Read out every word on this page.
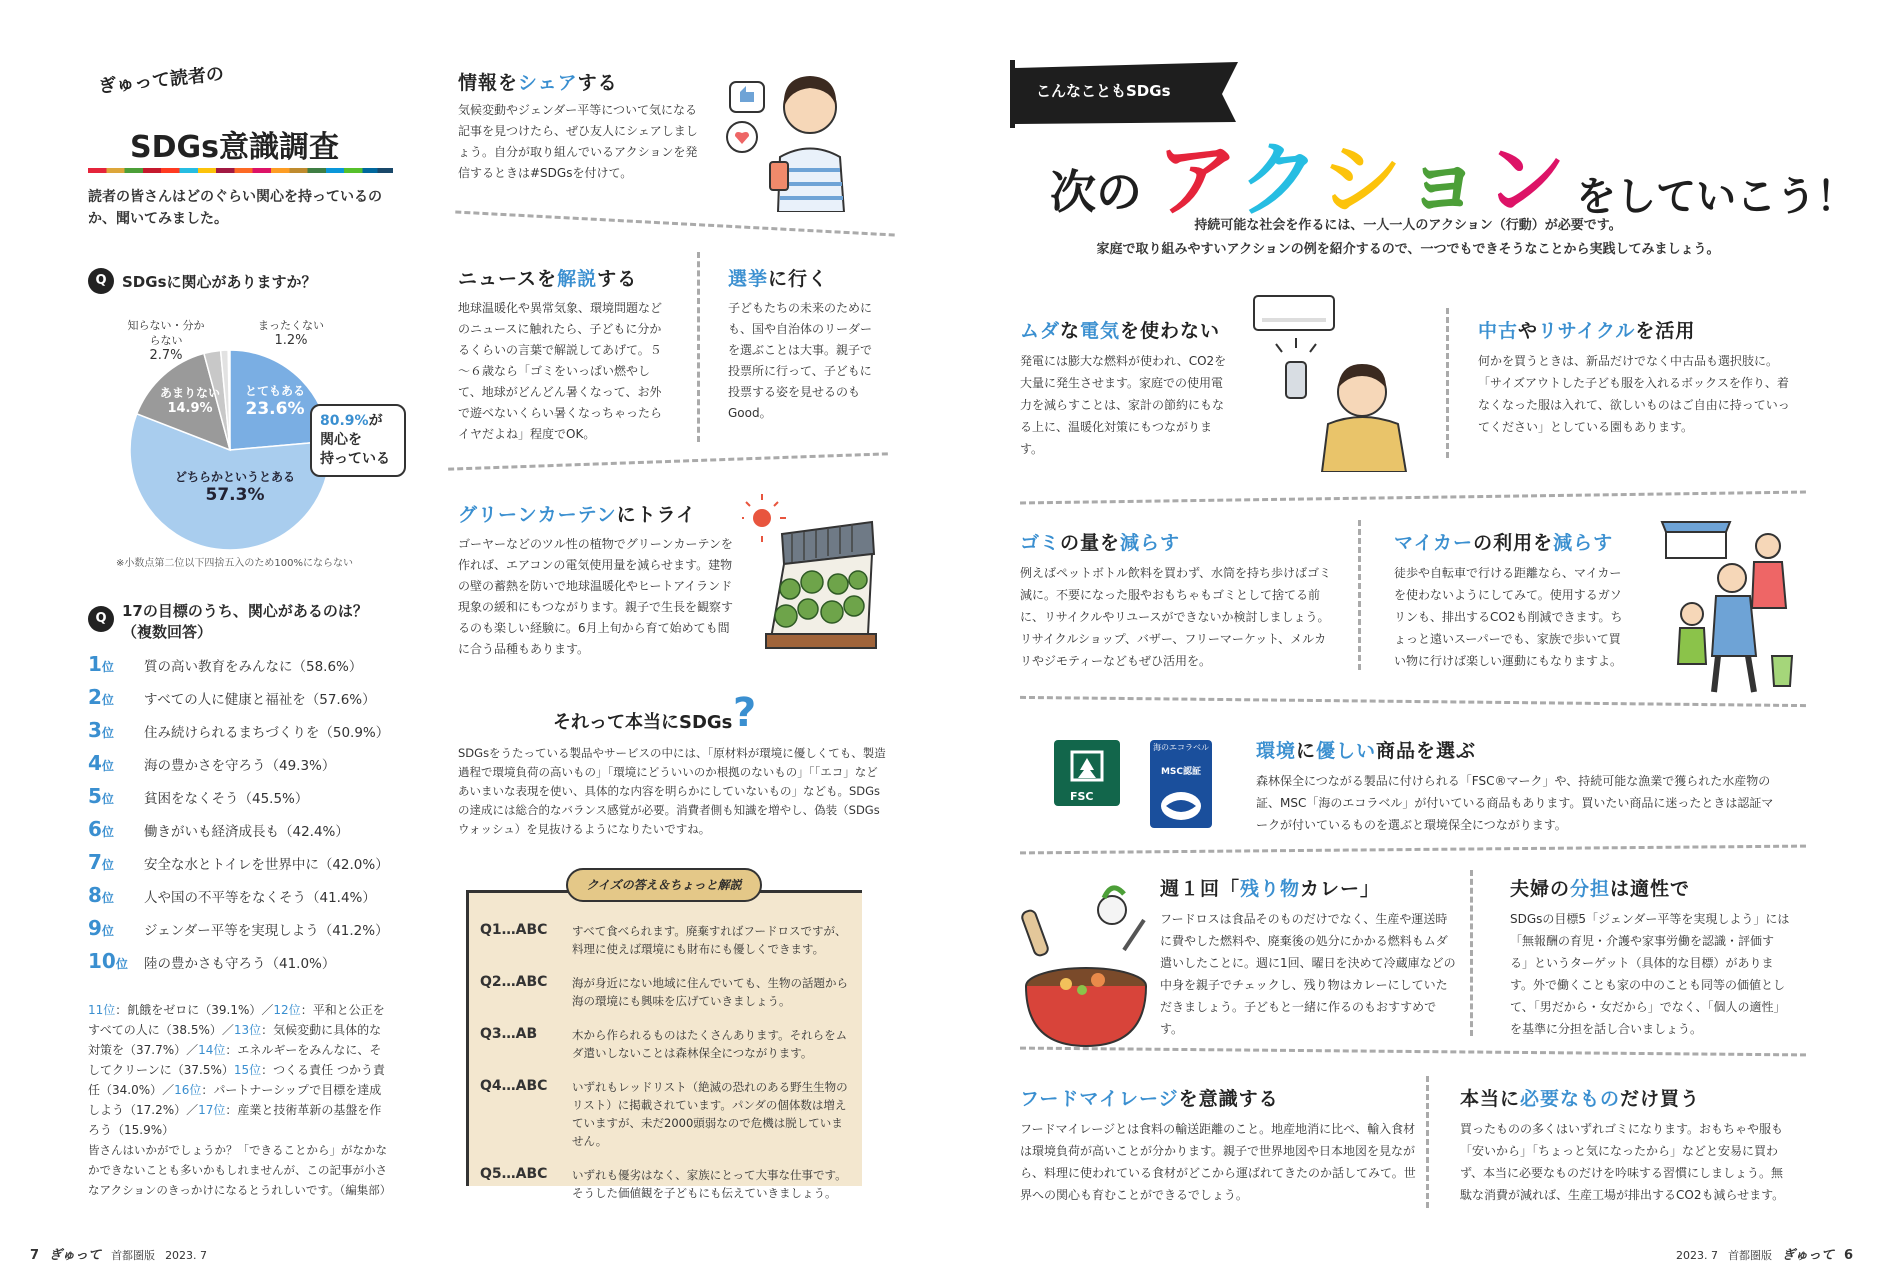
ぎゅって読者の
SDGs意識調査
読者の皆さんはどのぐらい関心を持っているのか、聞いてみました。
Q	SDGsに関心がありますか？
とてもある
23.6%
どちらかというとある
57.3%
あまりない
14.9%
知らない・分からない
2.7%
まったくない
1.2%
80.9%が
関心を
持っている
※小数点第二位以下四捨五入のため100%にならない
Q	17の目標のうち、関心があるのは？
（複数回答）
1位	質の高い教育をみんなに（58.6%）
2位	すべての人に健康と福祉を（57.6%）
3位	住み続けられるまちづくりを（50.9%）
4位	海の豊かさを守ろう（49.3%）
5位	貧困をなくそう（45.5%）
6位	働きがいも経済成長も（42.4%）
7位	安全な水とトイレを世界中に（42.0%）
8位	人や国の不平等をなくそう（41.4%）
9位	ジェンダー平等を実現しよう（41.2%）
10位	陸の豊かさも守ろう（41.0%）
11位：飢餓をゼロに（39.1%）／12位：平和と公正をすべての人に（38.5%）／13位：気候変動に具体的な対策を（37.7%）／14位：エネルギーをみんなに、そしてクリーンに（37.5%）15位：つくる責任 つかう責任（34.0%）／16位：パートナーシップで目標を達成しよう（17.2%）／17位：産業と技術革新の基盤を作ろう（15.9%）
皆さんはいかがでしょうか？「できることから」がなかなかできないことも多いかもしれませんが、この記事が小さなアクションのきっかけになるとうれしいです。（編集部）
情報をシェアする
気候変動やジェンダー平等について気になる記事を見つけたら、ぜひ友人にシェアしましょう。自分が取り組んでいるアクションを発信するときは#SDGsを付けて。
ニュースを解説する
地球温暖化や異常気象、環境問題などのニュースに触れたら、子どもに分かるくらいの言葉で解説してあげて。５～６歳なら「ゴミをいっぱい燃やして、地球がどんどん暑くなって、お外で遊べないくらい暑くなっちゃったらイヤだよね」程度でOK。
選挙に行く
子どもたちの未来のためにも、国や自治体のリーダーを選ぶことは大事。親子で投票所に行って、子どもに投票する姿を見せるのもGood。
グリーンカーテンにトライ
ゴーヤーなどのツル性の植物でグリーンカーテンを作れば、エアコンの電気使用量を減らせます。建物の壁の蓄熱を防いで地球温暖化やヒートアイランド現象の緩和にもつながります。親子で生長を観察するのも楽しい経験に。6月上旬から育て始めても間に合う品種もあります。
それって本当にSDGs ?
SDGsをうたっている製品やサービスの中には、「原材料が環境に優しくても、製造過程で環境負荷の高いもの」「環境にどういいのか根拠のないもの」「「エコ」などあいまいな表現を使い、具体的な内容を明らかにしていないもの」なども。SDGsの達成には総合的なバランス感覚が必要。消費者側も知識を増やし、偽装（SDGsウォッシュ）を見抜けるようになりたいですね。
クイズの答え＆ちょっと解説
Q1…ABC	すべて食べられます。廃棄すればフードロスですが、料理に使えば環境にも財布にも優しくできます。
Q2…ABC	海が身近にない地域に住んでいても、生物の話題から海の環境にも興味を広げていきましょう。
Q3…AB	木から作られるものはたくさんあります。それらをムダ遣いしないことは森林保全につながります。
Q4…ABC	いずれもレッドリスト（絶滅の恐れのある野生生物のリスト）に掲載されています。パンダの個体数は増えていますが、未だ2000頭弱なので危機は脱していません。
Q5…ABC	いずれも優劣はなく、家族にとって大事な仕事です。そうした価値観を子どもにも伝えていきましょう。
こんなこともSDGs
次の アクション をしていこう！
持続可能な社会を作るには、一人一人のアクション（行動）が必要です。
家庭で取り組みやすいアクションの例を紹介するので、一つでもできそうなことから実践してみましょう。
ムダな電気を使わない
発電には膨大な燃料が使われ、CO2を大量に発生させます。家庭での使用電力を減らすことは、家計の節約にもなる上に、温暖化対策にもつながります。
中古やリサイクルを活用
何かを買うときは、新品だけでなく中古品も選択肢に。「サイズアウトした子ども服を入れるボックスを作り、着なくなった服は入れて、欲しいものはご自由に持っていってください」としている園もあります。
ゴミの量を減らす
例えばペットボトル飲料を買わず、水筒を持ち歩けばゴミ減に。不要になった服やおもちゃもゴミとして捨てる前に、リサイクルやリユースができないか検討しましょう。リサイクルショップ、バザー、フリーマーケット、メルカリやジモティーなどもぜひ活用を。
マイカーの利用を減らす
徒歩や自転車で行ける距離なら、マイカーを使わないようにしてみて。使用するガソリンも、排出するCO2も削減できます。ちょっと遠いスーパーでも、家族で歩いて買い物に行けば楽しい運動にもなりますよ。
FSC
海のエコラベル
MSC認証
環境に優しい商品を選ぶ
森林保全につながる製品に付けられる「FSC®マーク」や、持続可能な漁業で獲られた水産物の証、MSC「海のエコラベル」が付いている商品もあります。買いたい商品に迷ったときは認証マークが付いているものを選ぶと環境保全につながります。
週１回「残り物カレー」
フードロスは食品そのものだけでなく、生産や運送時に費やした燃料や、廃棄後の処分にかかる燃料もムダ遣いしたことに。週に1回、曜日を決めて冷蔵庫などの中身を親子でチェックし、残り物はカレーにしていただきましょう。子どもと一緒に作るのもおすすめです。
夫婦の分担は適性で
SDGsの目標5「ジェンダー平等を実現しよう」には「無報酬の育児・介護や家事労働を認識・評価する」というターゲット（具体的な目標）があります。外で働くことも家の中のことも同等の価値として、「男だから・女だから」でなく、「個人の適性」を基準に分担を話し合いましょう。
フードマイレージを意識する
フードマイレージとは食料の輸送距離のこと。地産地消に比べ、輸入食材は環境負荷が高いことが分かります。親子で世界地図や日本地図を見ながら、料理に使われている食材がどこから運ばれてきたのか話してみて。世界への関心も育むことができるでしょう。
本当に必要なものだけ買う
買ったものの多くはいずれゴミになります。おもちゃや服も「安いから」「ちょっと気になったから」などと安易に買わず、本当に必要なものだけを吟味する習慣にしましょう。無駄な消費が減れば、生産工場が排出するCO2も減らせます。
7 ぎゅって 首都圏版 2023. 7	2023. 7 首都圏版 ぎゅって 6
